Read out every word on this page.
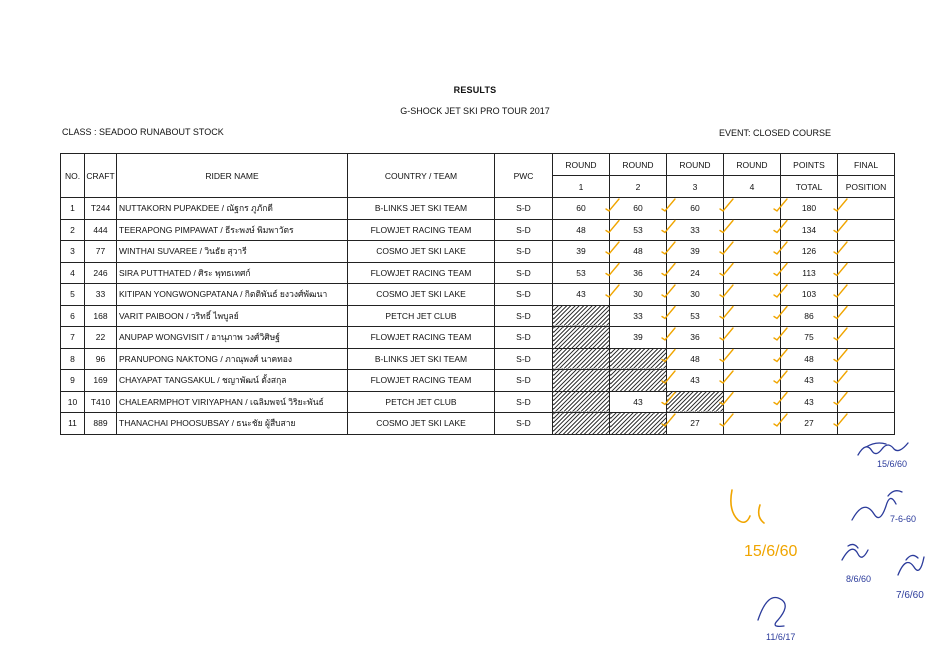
RESULTS
G-SHOCK JET SKI PRO TOUR 2017
CLASS : SEADOO RUNABOUT STOCK	EVENT: CLOSED COURSE
NO.	CRAFT	RIDER NAME	COUNTRY / TEAM	PWC	ROUND	ROUND	ROUND	ROUND	POINTS	FINAL
					1	2	3	4	TOTAL	POSITION
1	T244	NUTTAKORN PUPAKDEE / ณัฐกร ภูภักดี	B-LINKS JET SKI TEAM	S-D	60	60	60		180	
2	444	TEERAPONG PIMPAWAT / ธีระพงษ์ พิมพาวัตร	FLOWJET RACING TEAM	S-D	48	53	33		134	
3	77	WINTHAI SUVAREE / วินธัย สุวารี	COSMO JET SKI LAKE	S-D	39	48	39		126	
4	246	SIRA PUTTHATED / ศิระ พุทธเทศก์	FLOWJET RACING TEAM	S-D	53	36	24		113	
5	33	KITIPAN YONGWONGPATANA / กิตติพันธ์ ยงวงศ์พัฒนา	COSMO JET SKI LAKE	S-D	43	30	30		103	
6	168	VARIT PAIBOON / วริทธิ์ ไพบูลย์	PETCH JET CLUB	S-D		33	53		86	
7	22	ANUPAP WONGVISIT / อานุภาพ วงศ์วิศิษฐ์	FLOWJET RACING TEAM	S-D		39	36		75	
8	96	PRANUPONG NAKTONG / ภาณุพงศ์ นาคทอง	B-LINKS JET SKI TEAM	S-D			48		48	
9	169	CHAYAPAT TANGSAKUL / ชญาพัฒน์ ตั้งสกุล	FLOWJET RACING TEAM	S-D			43		43	
10	T410	CHALEARMPHOT VIRIYAPHAN / เฉลิมพจน์ วิริยะพันธ์	PETCH JET CLUB	S-D		43			43	
11	889	THANACHAI PHOOSUBSAY / ธนะชัย ผู้สืบสาย	COSMO JET SKI LAKE	S-D			27		27	
15/6/60
7-6-60
8/6/60
7/6/60
11/6/17
15/6/60
